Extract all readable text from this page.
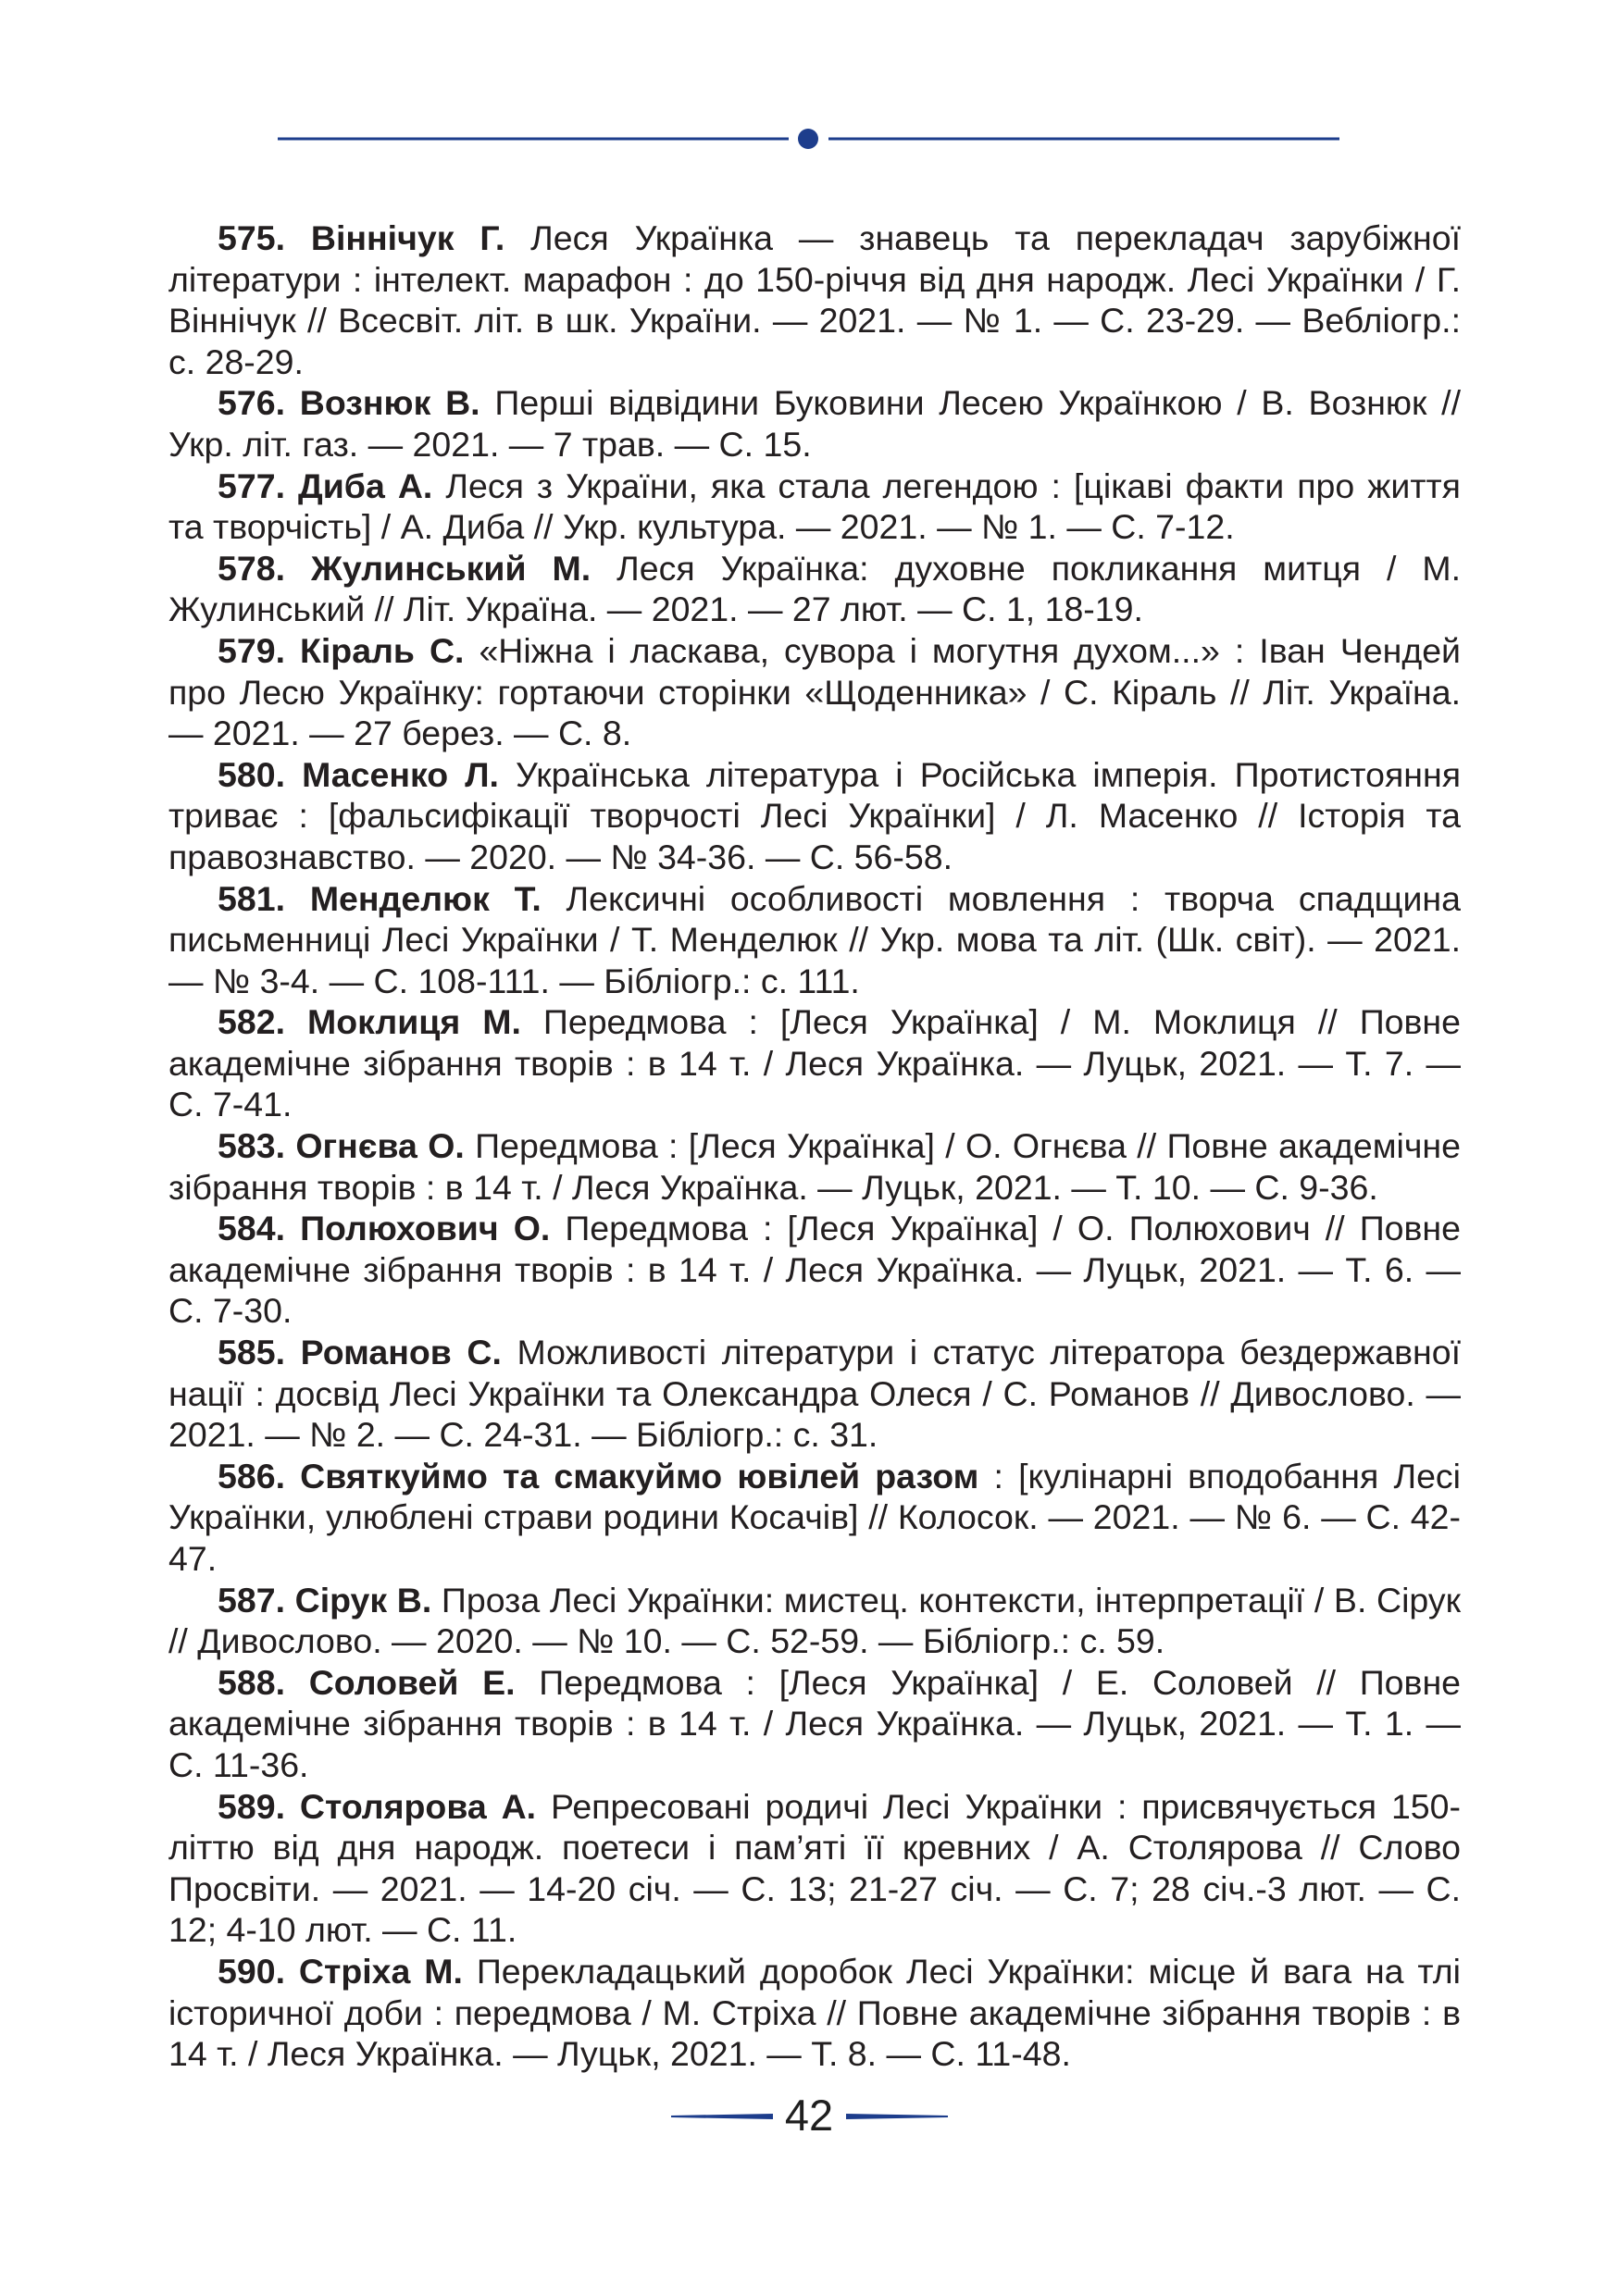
575. Віннічук Г. Леся Українка — знавець та перекладач зарубіжної літератури : інтелект. марафон : до 150-річчя від дня народж. Лесі Українки / Г. Віннічук // Всесвіт. літ. в шк. України. — 2021. — № 1. — С. 23-29. — Вебліогр.: с. 28-29.

576. Вознюк В. Перші відвідини Буковини Лесею Українкою / В. Вознюк // Укр. літ. газ. — 2021. — 7 трав. — С. 15.

577. Диба А. Леся з України, яка стала легендою : [цікаві факти про життя та творчість] / А. Диба // Укр. культура. — 2021. — № 1. — С. 7-12.

578. Жулинський М. Леся Українка: духовне покликання митця / М. Жулинський // Літ. Україна. — 2021. — 27 лют. — С. 1, 18-19.

579. Кіраль С. «Ніжна і ласкава, сувора і могутня духом...» : Іван Чендей про Лесю Українку: гортаючи сторінки «Щоденника» / С. Кіраль // Літ. Україна. — 2021. — 27 берез. — С. 8.

580. Масенко Л. Українська література і Російська імперія. Протистояння триває : [фальсифікації творчості Лесі Українки] / Л. Масенко // Історія та правознавство. — 2020. — № 34-36. — С. 56-58.

581. Менделюк Т. Лексичні особливості мовлення : творча спадщина письменниці Лесі Українки / Т. Менделюк // Укр. мова та літ. (Шк. світ). — 2021. — № 3-4. — С. 108-111. — Бібліогр.: с. 111.

582. Моклиця М. Передмова : [Леся Українка] / М. Моклиця // Повне академічне зібрання творів : в 14 т. / Леся Українка. — Луцьк, 2021. — Т. 7. — С. 7-41.

583. Огнєва О. Передмова : [Леся Українка] / О. Огнєва // Повне академічне зібрання творів : в 14 т. / Леся Українка. — Луцьк, 2021. — Т. 10. — С. 9-36.

584. Полюхович О. Передмова : [Леся Українка] / О. Полюхович // Повне академічне зібрання творів : в 14 т. / Леся Українка. — Луцьк, 2021. — Т. 6. — С. 7-30.

585. Романов С. Можливості літератури і статус літератора бездержавної нації : досвід Лесі Українки та Олександра Олеся / С. Романов // Дивослово. — 2021. — № 2. — С. 24-31. — Бібліогр.: с. 31.

586. Святкуймо та смакуймо ювілей разом : [кулінарні вподобання Лесі Українки, улюблені страви родини Косачів] // Колосок. — 2021. — № 6. — С. 42-47.

587. Сірук В. Проза Лесі Українки: мистец. контексти, інтерпретації / В. Сірук // Дивослово. — 2020. — № 10. — С. 52-59. — Бібліогр.: с. 59.

588. Соловей Е. Передмова : [Леся Українка] / Е. Соловей // Повне академічне зібрання творів : в 14 т. / Леся Українка. — Луцьк, 2021. — Т. 1. — С. 11-36.

589. Столярова А. Репресовані родичі Лесі Українки : присвячується 150-літтю від дня народж. поетеси і пам’яті її кревних / А. Столярова // Слово Просвіти. — 2021. — 14-20 січ. — С. 13; 21-27 січ. — С. 7; 28 січ.-3 лют. — С. 12; 4-10 лют. — С. 11.

590. Стріха М. Перекладацький доробок Лесі Українки: місце й вага на тлі історичної доби : передмова / М. Стріха // Повне академічне зібрання творів : в 14 т. / Леся Українка. — Луцьк, 2021. — Т. 8. — С. 11-48.

42
